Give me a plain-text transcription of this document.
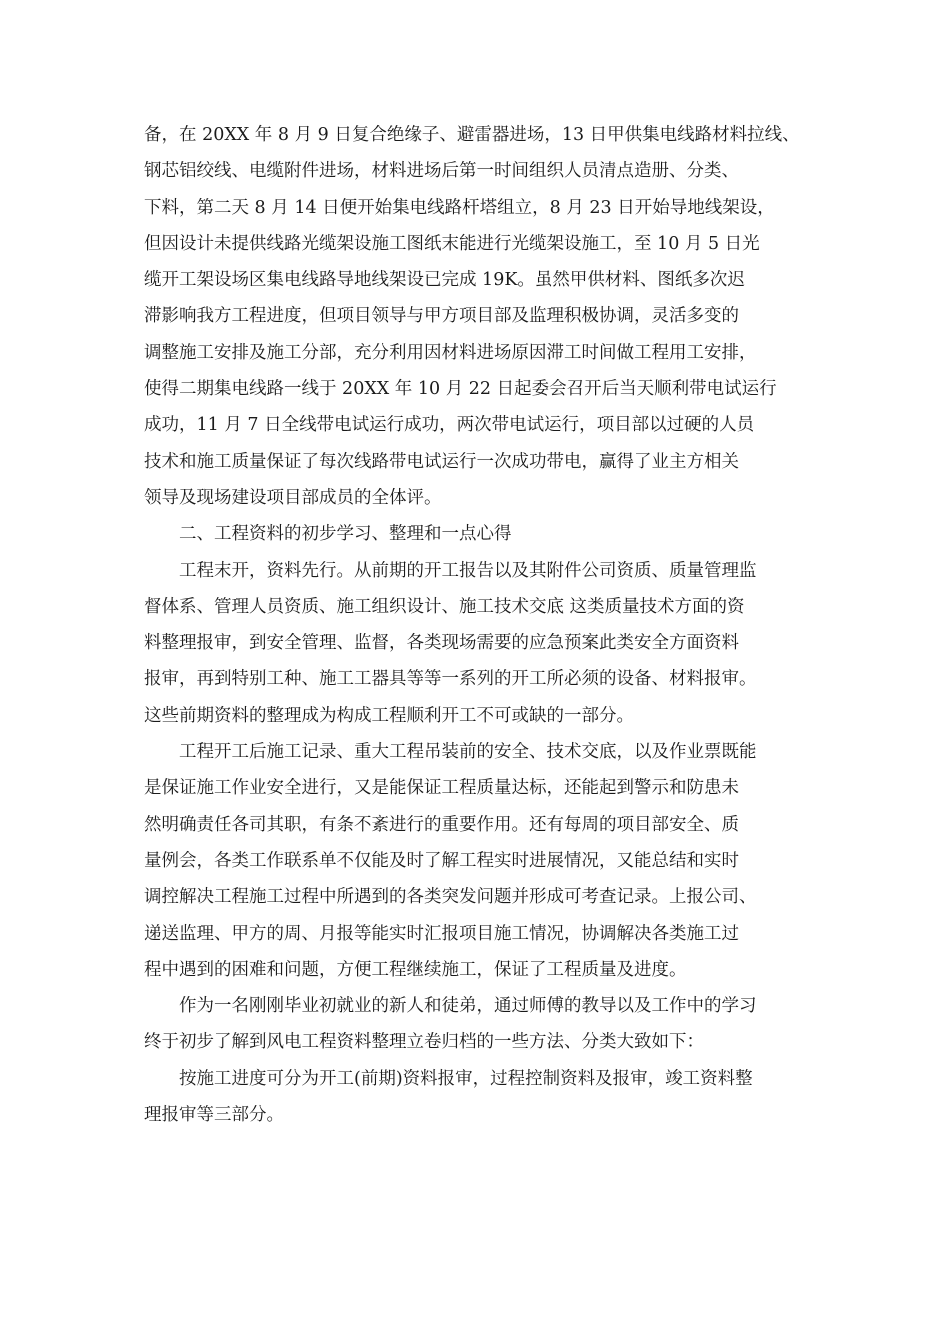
备，在 20XX 年 8 月 9 日复合绝缘子、避雷器进场，13 日甲供集电线路材料拉线、
钢芯铝绞线、电缆附件进场，材料进场后第一时间组织人员清点造册、分类、
下料，第二天 8 月 14 日便开始集电线路杆塔组立，8 月 23 日开始导地线架设，
但因设计未提供线路光缆架设施工图纸末能进行光缆架设施工，至 10 月 5 日光
缆开工架设场区集电线路导地线架设已完成 19K。虽然甲供材料、图纸多次迟
滞影响我方工程进度，但项目领导与甲方项目部及监理积极协调，灵活多变的
调整施工安排及施工分部，充分利用因材料进场原因滞工时间做工程用工安排，
使得二期集电线路一线于 20XX 年 10 月 22 日起委会召开后当天顺利带电试运行
成功，11 月 7 日全线带电试运行成功，两次带电试运行，项目部以过硬的人员
技术和施工质量保证了每次线路带电试运行一次成功带电，赢得了业主方相关
领导及现场建设项目部成员的全体评。
二、工程资料的初步学习、整理和一点心得
工程末开，资料先行。从前期的开工报告以及其附件公司资质、质量管理监
督体系、管理人员资质、施工组织设计、施工技术交底 这类质量技术方面的资
料整理报审，到安全管理、监督，各类现场需要的应急预案此类安全方面资料
报审，再到特别工种、施工工器具等等一系列的开工所必须的设备、材料报审。
这些前期资料的整理成为构成工程顺利开工不可或缺的一部分。
工程开工后施工记录、重大工程吊装前的安全、技术交底，以及作业票既能
是保证施工作业安全进行，又是能保证工程质量达标，还能起到警示和防患未
然明确责任各司其职，有条不紊进行的重要作用。还有每周的项目部安全、质
量例会，各类工作联系单不仅能及时了解工程实时进展情况，又能总结和实时
调控解决工程施工过程中所遇到的各类突发问题并形成可考查记录。上报公司、
递送监理、甲方的周、月报等能实时汇报项目施工情况，协调解决各类施工过
程中遇到的困难和问题，方便工程继续施工，保证了工程质量及进度。
作为一名刚刚毕业初就业的新人和徒弟，通过师傅的教导以及工作中的学习
终于初步了解到风电工程资料整理立卷归档的一些方法、分类大致如下：
按施工进度可分为开工(前期)资料报审，过程控制资料及报审，竣工资料整
理报审等三部分。
